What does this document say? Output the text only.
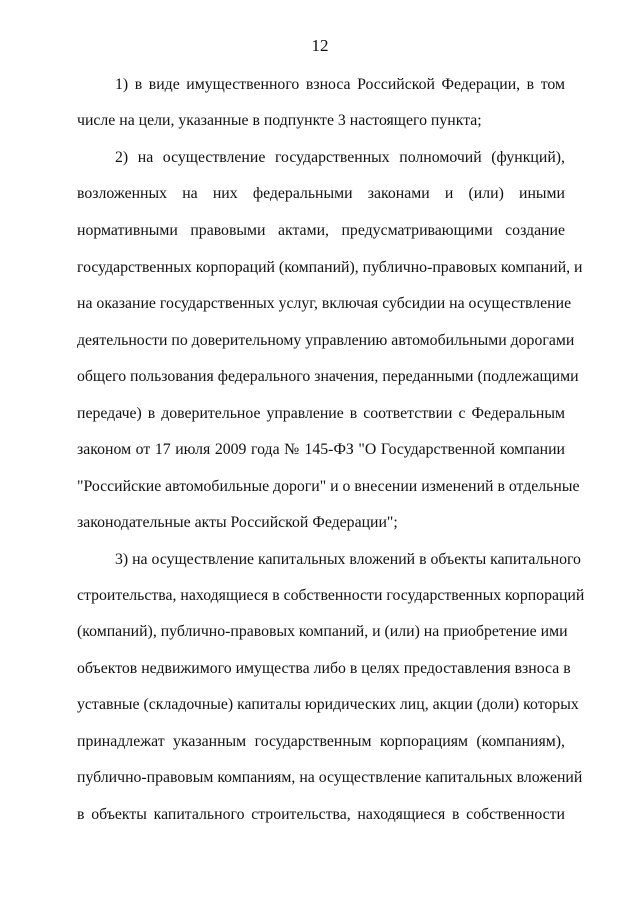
12
1) в виде имущественного взноса Российской Федерации, в том
числе на цели, указанные в подпункте 3 настоящего пункта;
2) на осуществление государственных полномочий (функций),
возложенных на них федеральными законами и (или) иными
нормативными правовыми актами, предусматривающими создание
государственных корпораций (компаний), публично-правовых компаний, и
на оказание государственных услуг, включая субсидии на осуществление
деятельности по доверительному управлению автомобильными дорогами
общего пользования федерального значения, переданными (подлежащими
передаче) в доверительное управление в соответствии с Федеральным
законом от 17 июля 2009 года № 145-ФЗ "О Государственной компании
"Российские автомобильные дороги" и о внесении изменений в отдельные
законодательные акты Российской Федерации";
3) на осуществление капитальных вложений в объекты капитального
строительства, находящиеся в собственности государственных корпораций
(компаний), публично-правовых компаний, и (или) на приобретение ими
объектов недвижимого имущества либо в целях предоставления взноса в
уставные (складочные) капиталы юридических лиц, акции (доли) которых
принадлежат указанным государственным корпорациям (компаниям),
публично-правовым компаниям, на осуществление капитальных вложений
в объекты капитального строительства, находящиеся в собственности
